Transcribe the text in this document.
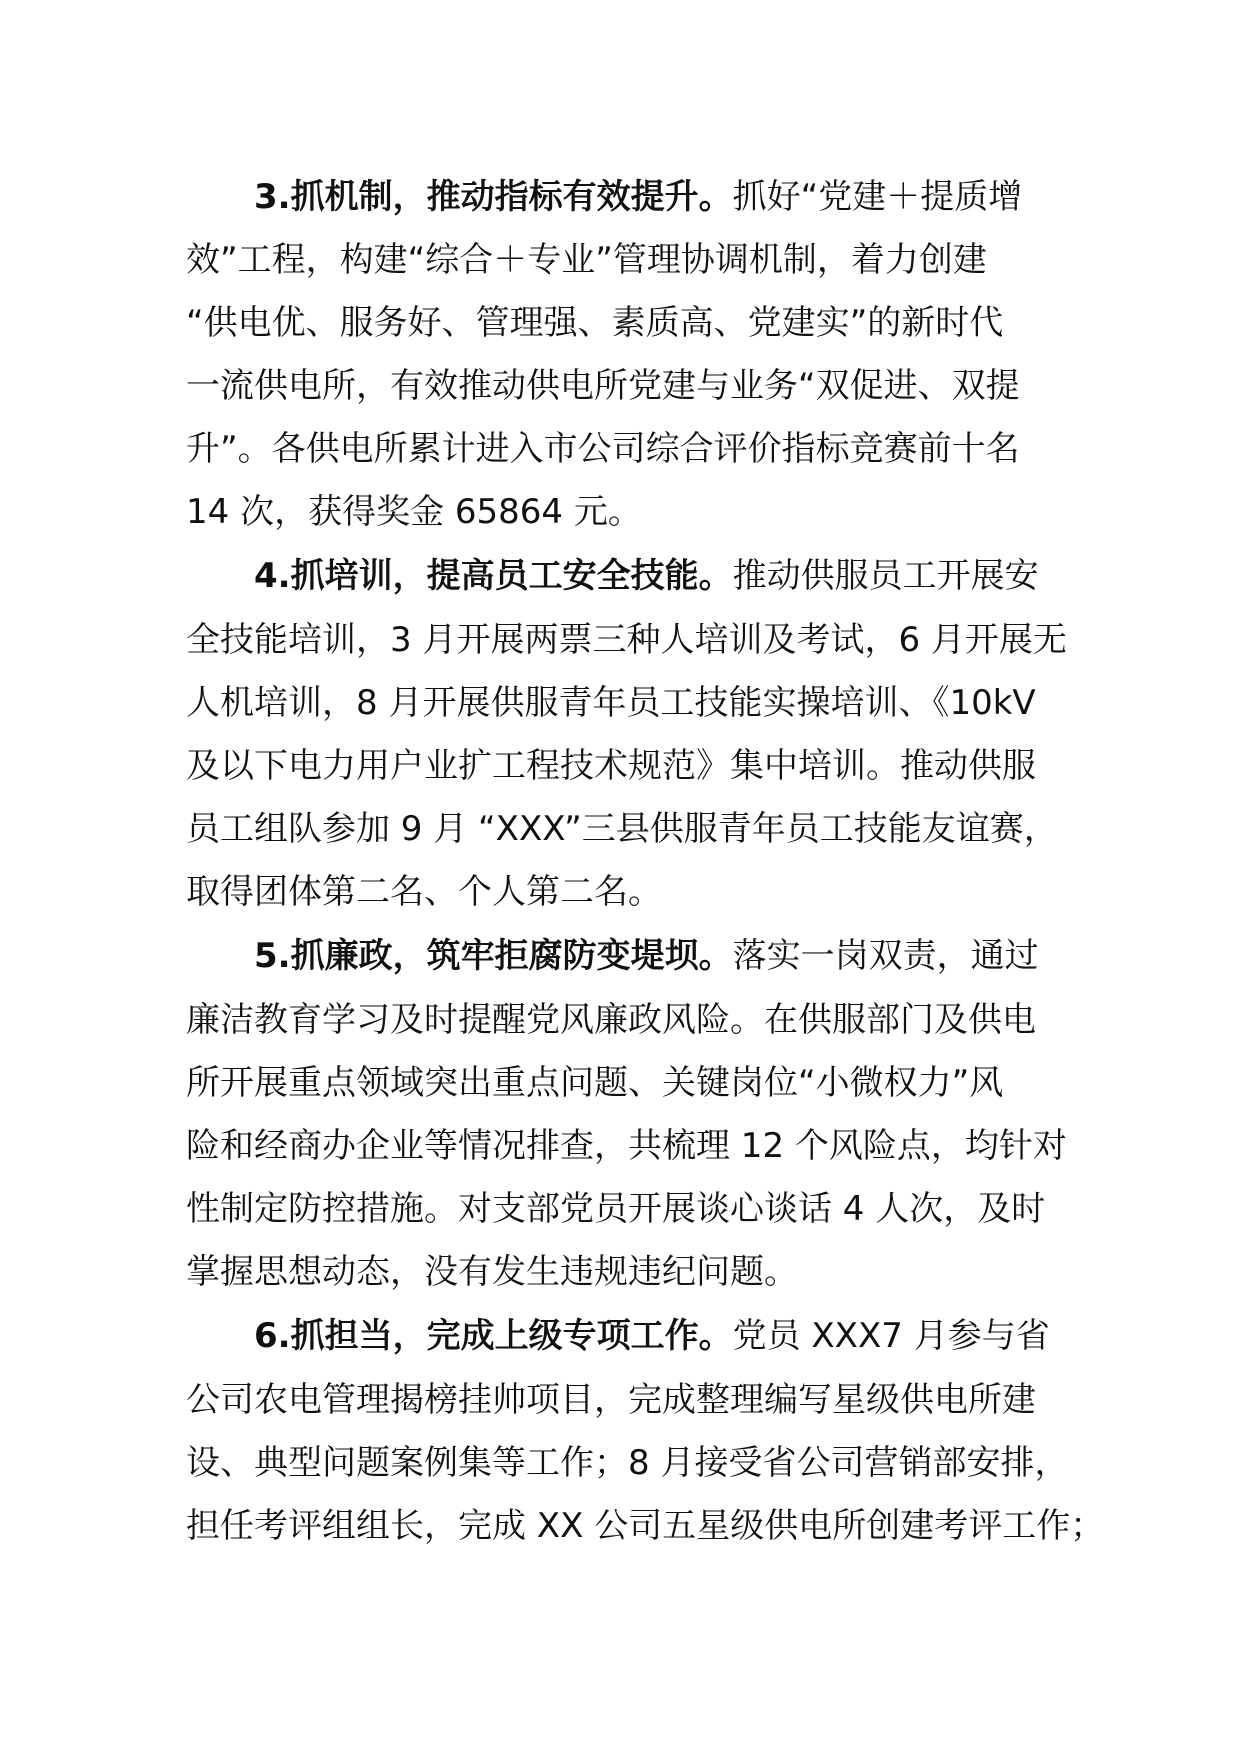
3.抓机制，推动指标有效提升。抓好“党建＋提质增
效”工程，构建“综合＋专业”管理协调机制，着力创建
“供电优、服务好、管理强、素质高、党建实”的新时代
一流供电所，有效推动供电所党建与业务“双促进、双提
升”。各供电所累计进入市公司综合评价指标竞赛前十名
14 次，获得奖金 65864 元。
4.抓培训，提高员工安全技能。推动供服员工开展安
全技能培训，3 月开展两票三种人培训及考试，6 月开展无
人机培训，8 月开展供服青年员工技能实操培训、《10kV
及以下电力用户业扩工程技术规范》集中培训。推动供服
员工组队参加 9 月 “XXX”三县供服青年员工技能友谊赛，
取得团体第二名、个人第二名。
5.抓廉政，筑牢拒腐防变堤坝。落实一岗双责，通过
廉洁教育学习及时提醒党风廉政风险。在供服部门及供电
所开展重点领域突出重点问题、关键岗位“小微权力”风
险和经商办企业等情况排查，共梳理 12 个风险点，均针对
性制定防控措施。对支部党员开展谈心谈话 4 人次，及时
掌握思想动态，没有发生违规违纪问题。
6.抓担当，完成上级专项工作。党员 XXX7 月参与省
公司农电管理揭榜挂帅项目，完成整理编写星级供电所建
设、典型问题案例集等工作；8 月接受省公司营销部安排，
担任考评组组长，完成 XX 公司五星级供电所创建考评工作；
